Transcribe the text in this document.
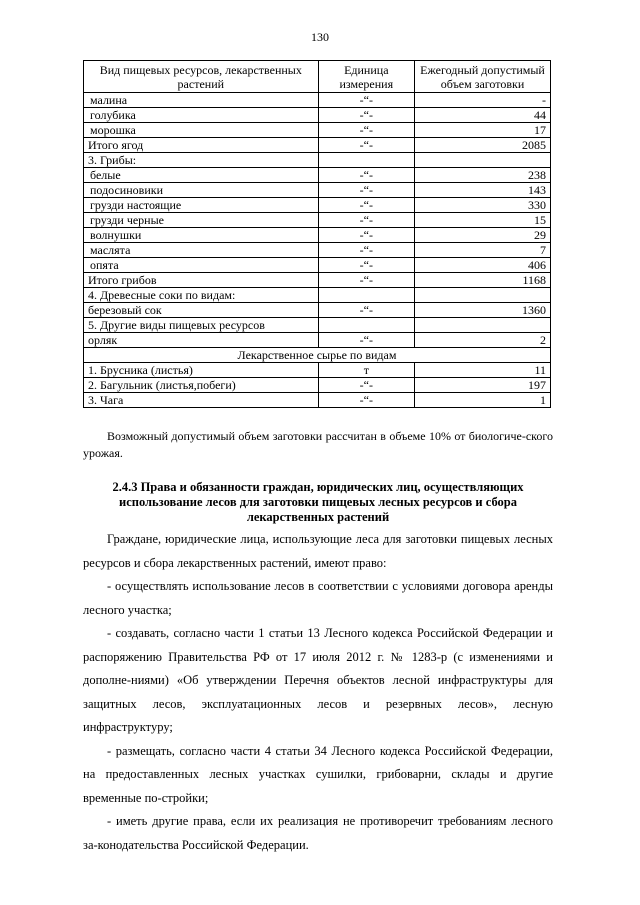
130
Вид пищевых ресурсов, лекарственных растений	Единица измерения	Ежегодный допустимый объем заготовки
малина	-“-	-
голубика	-“-	44
морошка	-“-	17
Итого ягод	-“-	2085
3. Грибы:		
белые	-“-	238
подосиновики	-“-	143
грузди настоящие	-“-	330
грузди черные	-“-	15
волнушки	-“-	29
маслята	-“-	7
опята	-“-	406
Итого грибов	-“-	1168
4. Древесные соки по видам:		
березовый сок	-“-	1360
5. Другие виды пищевых ресурсов		
орляк	-“-	2
Лекарственное сырье по видам		
1. Брусника (листья)	т	11
2. Багульник (листья,побеги)	-“-	197
3. Чага	-“-	1
Возможный допустимый объем заготовки рассчитан в объеме 10% от биологиче-ского урожая.
2.4.3 Права и обязанности граждан, юридических лиц, осуществляющих использование лесов для заготовки пищевых лесных ресурсов и сбора лекарственных растений

Граждане, юридические лица, использующие леса для заготовки пищевых лесных ресурсов и сбора лекарственных растений, имеют право:

- осуществлять использование лесов в соответствии с условиями договора аренды лесного участка;

- создавать, согласно части 1 статьи 13 Лесного кодекса Российской Федерации и распоряжению Правительства РФ от 17 июля 2012 г. № 1283-р (с изменениями и дополне-ниями) «Об утверждении Перечня объектов лесной инфраструктуры для защитных лесов, эксплуатационных лесов и резервных лесов», лесную инфраструктуру;

- размещать, согласно части 4 статьи 34 Лесного кодекса Российской Федерации, на предоставленных лесных участках сушилки, грибоварни, склады и другие временные по-стройки;

- иметь другие права, если их реализация не противоречит требованиям лесного за-конодательства Российской Федерации.
